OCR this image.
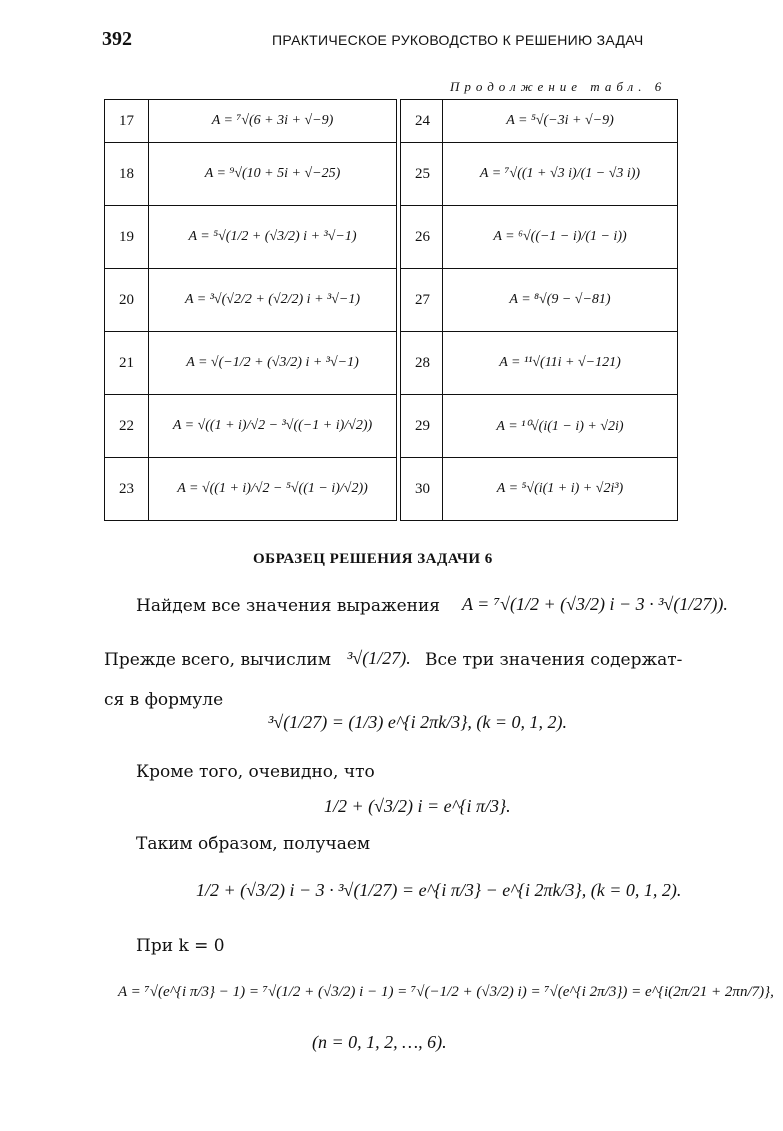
392	ПРАКТИЧЕСКОЕ РУКОВОДСТВО К РЕШЕНИЮ ЗАДАЧ
Продолжение табл. 6
17	A = ⁷√(6 + 3i + √−9)		24	A = ⁵√(−3i + √−9)
18	A = ⁹√(10 + 5i + √−25)		25	A = ⁷√((1 + √3 i)/(1 − √3 i))
19	A = ⁵√(1/2 + (√3/2) i + ³√−1)		26	A = ⁶√((−1 − i)/(1 − i))
20	A = ³√(√2/2 + (√2/2) i + ³√−1)		27	A = ⁸√(9 − √−81)
21	A = √(−1/2 + (√3/2) i + ³√−1)		28	A = ¹¹√(11i + √−121)
22	A = √((1 + i)/√2 − ³√((−1 + i)/√2))		29	A = ¹⁰√(i(1 − i) + √2i)
23	A = √((1 + i)/√2 − ⁵√((1 − i)/√2))		30	A = ⁵√(i(1 + i) + √2i³)
ОБРАЗЕЦ РЕШЕНИЯ ЗАДАЧИ 6
Найдем все значения выражения A = ⁷√(1/2 + (√3/2) i − 3 · ³√(1/27)).
Прежде всего, вычислим ³√(1/27). Все три значения содержат-
ся в формуле
³√(1/27) = (1/3) e^{i 2πk/3}, (k = 0, 1, 2).
Кроме того, очевидно, что
1/2 + (√3/2) i = e^{i π/3}.
Таким образом, получаем
1/2 + (√3/2) i − 3 · ³√(1/27) = e^{i π/3} − e^{i 2πk/3}, (k = 0, 1, 2).
При k = 0
A = ⁷√(e^{i π/3} − 1) = ⁷√(1/2 + (√3/2) i − 1) = ⁷√(−1/2 + (√3/2) i) = ⁷√(e^{i 2π/3}) = e^{i(2π/21 + 2πn/7)},
(n = 0, 1, 2, …, 6).
